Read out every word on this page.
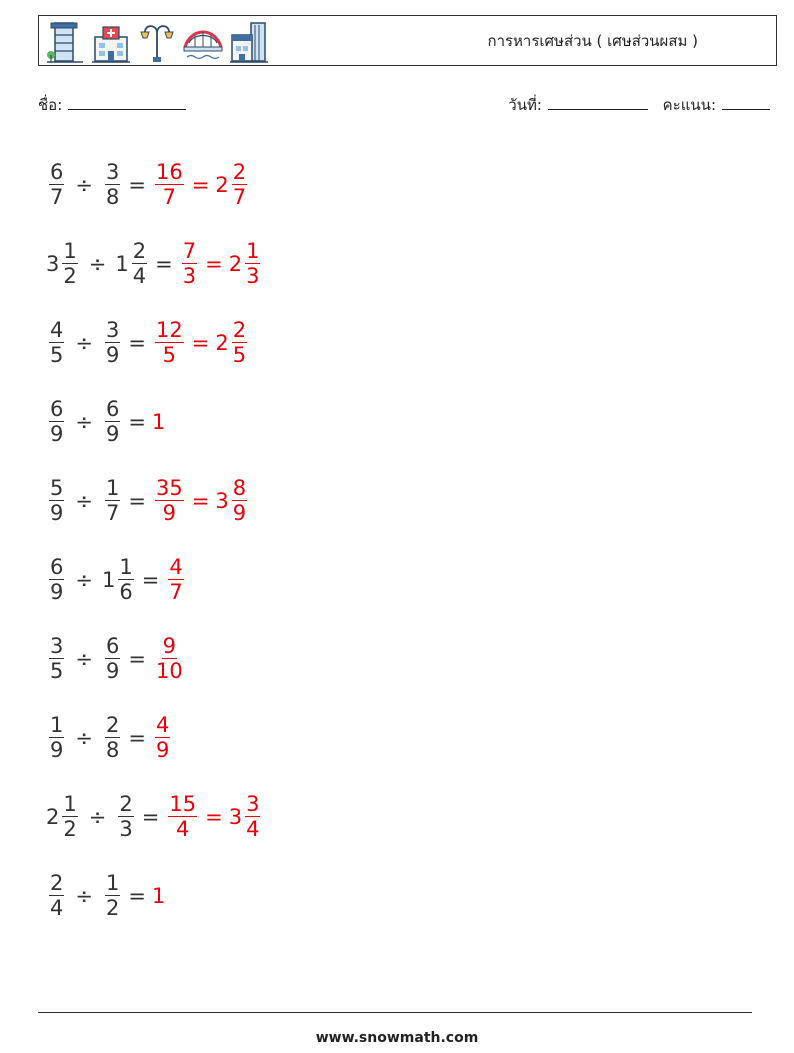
การหารเศษส่วน ( เศษส่วนผสม )
ชื่อ:	วันที่:	คะแนน:
$\frac{6}{7} \div \frac{3}{8} = \frac{16}{7} = 2 \frac{2}{7}$
$3 \frac{1}{2} \div 1 \frac{2}{4} = \frac{7}{3} = 2 \frac{1}{3}$
$\frac{4}{5} \div \frac{3}{9} = \frac{12}{5} = 2 \frac{2}{5}$
$\frac{6}{9} \div \frac{6}{9} = 1$
$\frac{5}{9} \div \frac{1}{7} = \frac{35}{9} = 3 \frac{8}{9}$
$\frac{6}{9} \div 1 \frac{1}{6} = \frac{4}{7}$
$\frac{3}{5} \div \frac{6}{9} = \frac{9}{10}$
$\frac{1}{9} \div \frac{2}{8} = \frac{4}{9}$
$2 \frac{1}{2} \div \frac{2}{3} = \frac{15}{4} = 3 \frac{3}{4}$
$\frac{2}{4} \div \frac{1}{2} = 1$
www.snowmath.com
